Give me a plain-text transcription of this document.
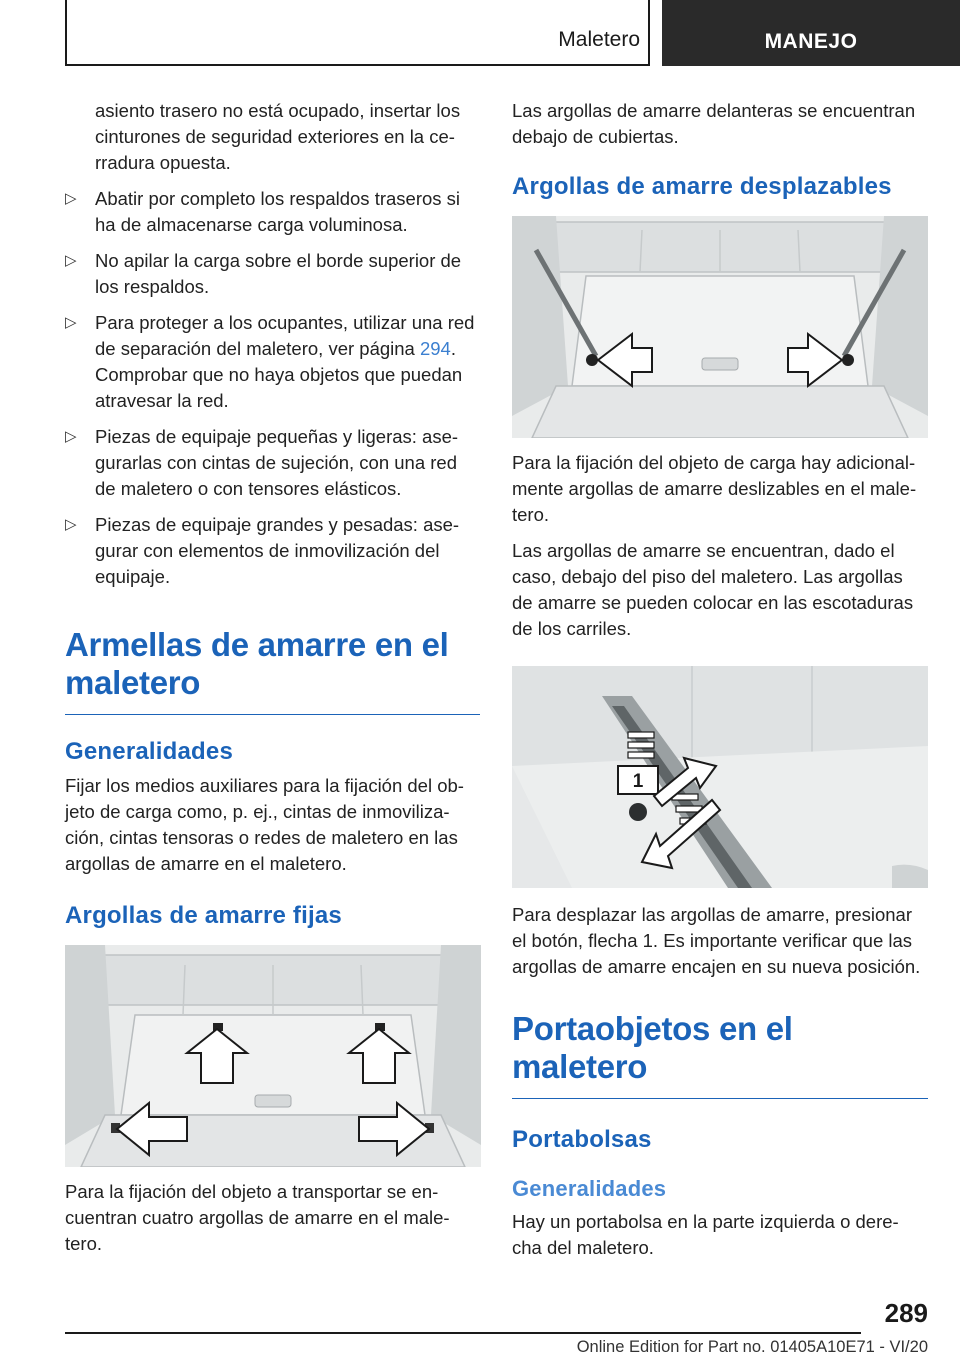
Maletero	MANEJO

asiento trasero no está ocupado, insertar los
cinturones de seguridad exteriores en la ce-
rradura opuesta.

▷ Abatir por completo los respaldos traseros si
ha de almacenarse carga voluminosa.
▷ No apilar la carga sobre el borde superior de
los respaldos.
▷ Para proteger a los ocupantes, utilizar una red
de separación del maletero, ver página 294.
Comprobar que no haya objetos que puedan
atravesar la red.
▷ Piezas de equipaje pequeñas y ligeras: ase-
gurarlas con cintas de sujeción, con una red
de maletero o con tensores elásticos.
▷ Piezas de equipaje grandes y pesadas: ase-
gurar con elementos de inmovilización del
equipaje.
Armellas de amarre en el
maletero
Generalidades

Fijar los medios auxiliares para la fijación del ob-
jeto de carga como, p. ej., cintas de inmoviliza-
ción, cintas tensoras o redes de maletero en las
argollas de amarre en el maletero.

Argollas de amarre fijas

Para la fijación del objeto a transportar se en-
cuentran cuatro argollas de amarre en el male-
tero.

Las argollas de amarre delanteras se encuentran
debajo de cubiertas.

Argollas de amarre desplazables

Para la fijación del objeto de carga hay adicional-
mente argollas de amarre deslizables en el male-
tero.

Las argollas de amarre se encuentran, dado el
caso, debajo del piso del maletero. Las argollas
de amarre se pueden colocar en las escotaduras
de los carriles.

1

Para desplazar las argollas de amarre, presionar
el botón, flecha 1. Es importante verificar que las
argollas de amarre encajen en su nueva posición.

Portaobjetos en el maletero
Portabolsas
Generalidades

Hay un portabolsa en la parte izquierda o dere-
cha del maletero.

289
Online Edition for Part no. 01405A10E71 - VI/20
